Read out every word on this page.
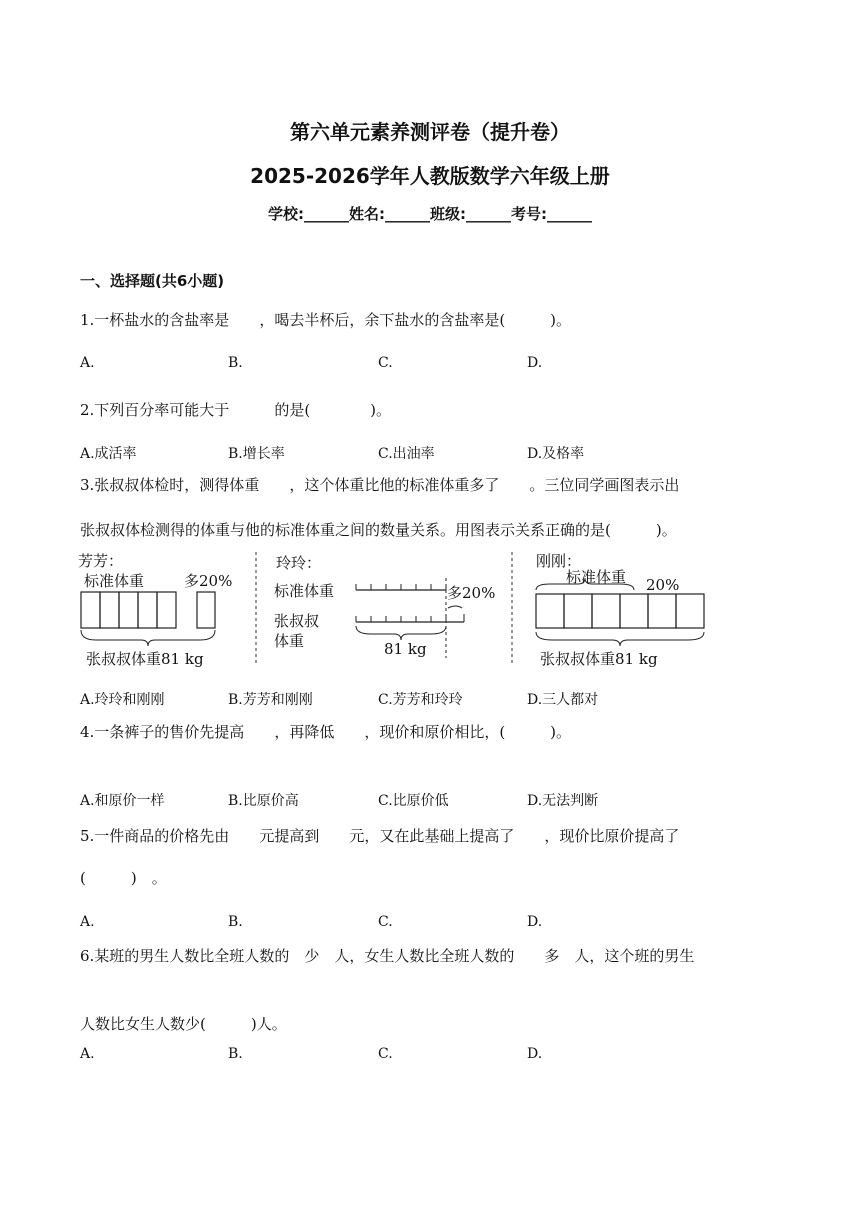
第六单元素养测评卷（提升卷）
2025-2026学年人教版数学六年级上册
学校:______姓名:______班级:______考号:______
一、选择题(共6小题)
1.一杯盐水的含盐率是　　，喝去半杯后，余下盐水的含盐率是(　　　)。
A.	B.	C.	D.
2.下列百分率可能大于　　　的是(　　　　)。
A.成活率	B.增长率	C.出油率	D.及格率
3.张叔叔体检时，测得体重　　，这个体重比他的标准体重多了　　。三位同学画图表示出
张叔叔体检测得的体重与他的标准体重之间的数量关系。用图表示关系正确的是(　　　)。
芳芳：
标准体重	多20%
张叔叔体重81 kg
玲玲：
标准体重
张叔叔
体重
多20%
81 kg
刚刚：
标准体重 20%
张叔叔体重81 kg
A.玲玲和刚刚	B.芳芳和刚刚	C.芳芳和玲玲	D.三人都对
4.一条裤子的售价先提高　　，再降低　　，现价和原价相比，(　　　)。
A.和原价一样	B.比原价高	C.比原价低	D.无法判断
5.一件商品的价格先由　　元提高到　　元，又在此基础上提高了　　，现价比原价提高了
(　　　)　。
A.	B.	C.	D.
6.某班的男生人数比全班人数的　少　人，女生人数比全班人数的　　多　人，这个班的男生
人数比女生人数少(　　　)人。
A.	B.	C.	D.
